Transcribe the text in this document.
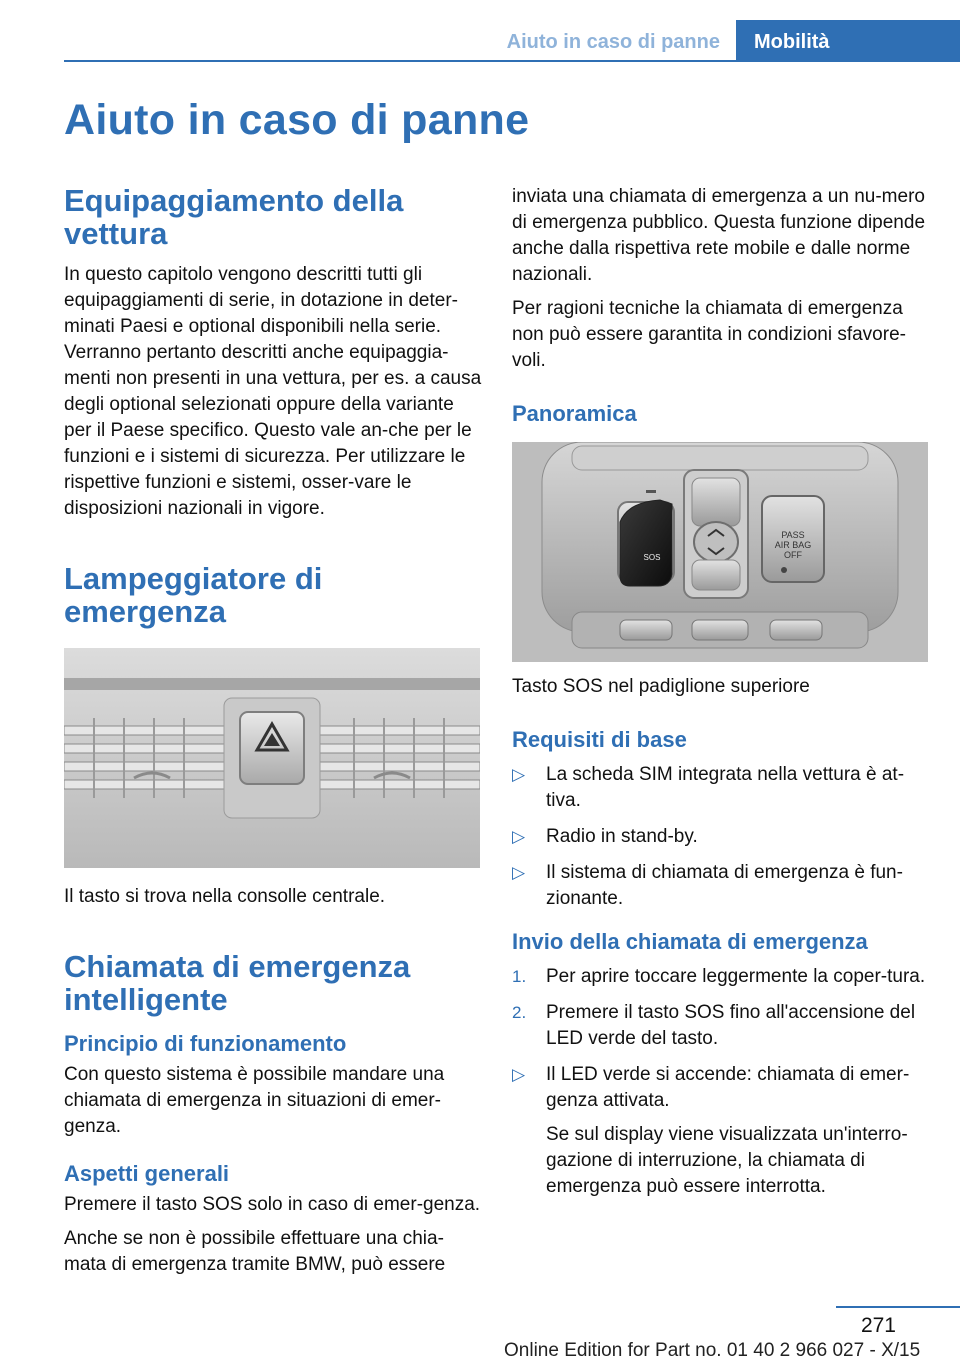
Aiuto in caso di panne	Mobilità
Aiuto in caso di panne
Equipaggiamento della vettura

In questo capitolo vengono descritti tutti gli equipaggiamenti di serie, in dotazione in deter-minati Paesi e optional disponibili nella serie. Verranno pertanto descritti anche equipaggia-menti non presenti in una vettura, per es. a causa degli optional selezionati oppure della variante per il Paese specifico. Questo vale an-che per le funzioni e i sistemi di sicurezza. Per utilizzare le rispettive funzioni e sistemi, osser-vare le disposizioni nazionali in vigore.

Lampeggiatore di emergenza

Il tasto si trova nella consolle centrale.

Chiamata di emergenza intelligente
Principio di funzionamento

Con questo sistema è possibile mandare una chiamata di emergenza in situazioni di emer-genza.

Aspetti generali

Premere il tasto SOS solo in caso di emer-genza.

Anche se non è possibile effettuare una chia-mata di emergenza tramite BMW, può essere

inviata una chiamata di emergenza a un nu-mero di emergenza pubblico. Questa funzione dipende anche dalla rispettiva rete mobile e dalle norme nazionali.

Per ragioni tecniche la chiamata di emergenza non può essere garantita in condizioni sfavore-voli.

Panoramica
SOS
PASS
AIR BAG
OFF

Tasto SOS nel padiglione superiore

Requisiti di base
▷ La scheda SIM integrata nella vettura è at-tiva.
▷ Radio in stand-by.
▷ Il sistema di chiamata di emergenza è fun-zionante.
Invio della chiamata di emergenza
1. Per aprire toccare leggermente la coper-tura.
2. Premere il tasto SOS fino all'accensione del LED verde del tasto.
▷ Il LED verde si accende: chiamata di emer-genza attivata.
Se sul display viene visualizzata un'interro-gazione di interruzione, la chiamata di emergenza può essere interrotta.
271
Online Edition for Part no. 01 40 2 966 027 - X/15
